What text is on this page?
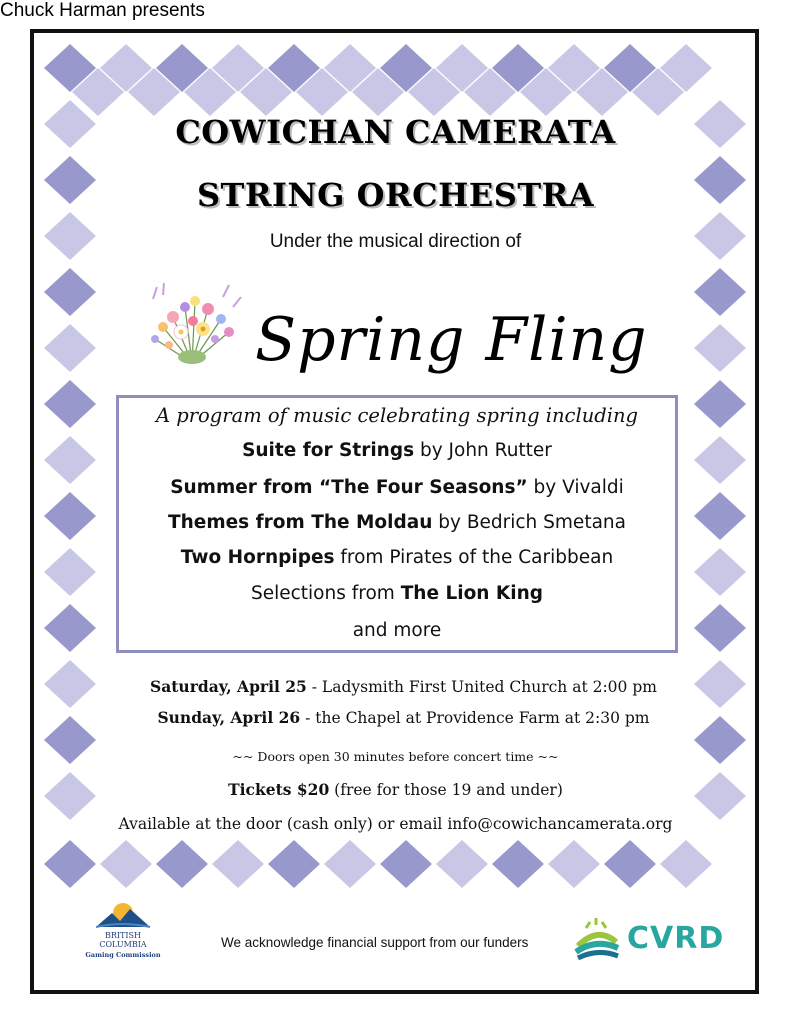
COWICHAN CAMERATA
STRING ORCHESTRA
Under the musical direction of
Chuck Harman presents
Spring Fling
A program of music celebrating spring including
Suite for Strings by John Rutter
Summer from “The Four Seasons” by Vivaldi
Themes from The Moldau by Bedrich Smetana
Two Hornpipes from Pirates of the Caribbean
Selections from The Lion King
and more
Saturday, April 25 - Ladysmith First United Church at 2:00 pm
Sunday, April 26 - the Chapel at Providence Farm at 2:30 pm
~~ Doors open 30 minutes before concert time ~~
Tickets $20 (free for those 19 and under)
Available at the door (cash only) or email info@cowichancamerata.org
BRITISH
COLUMBIA
Gaming Commission
We acknowledge financial support from our funders	CVRD
